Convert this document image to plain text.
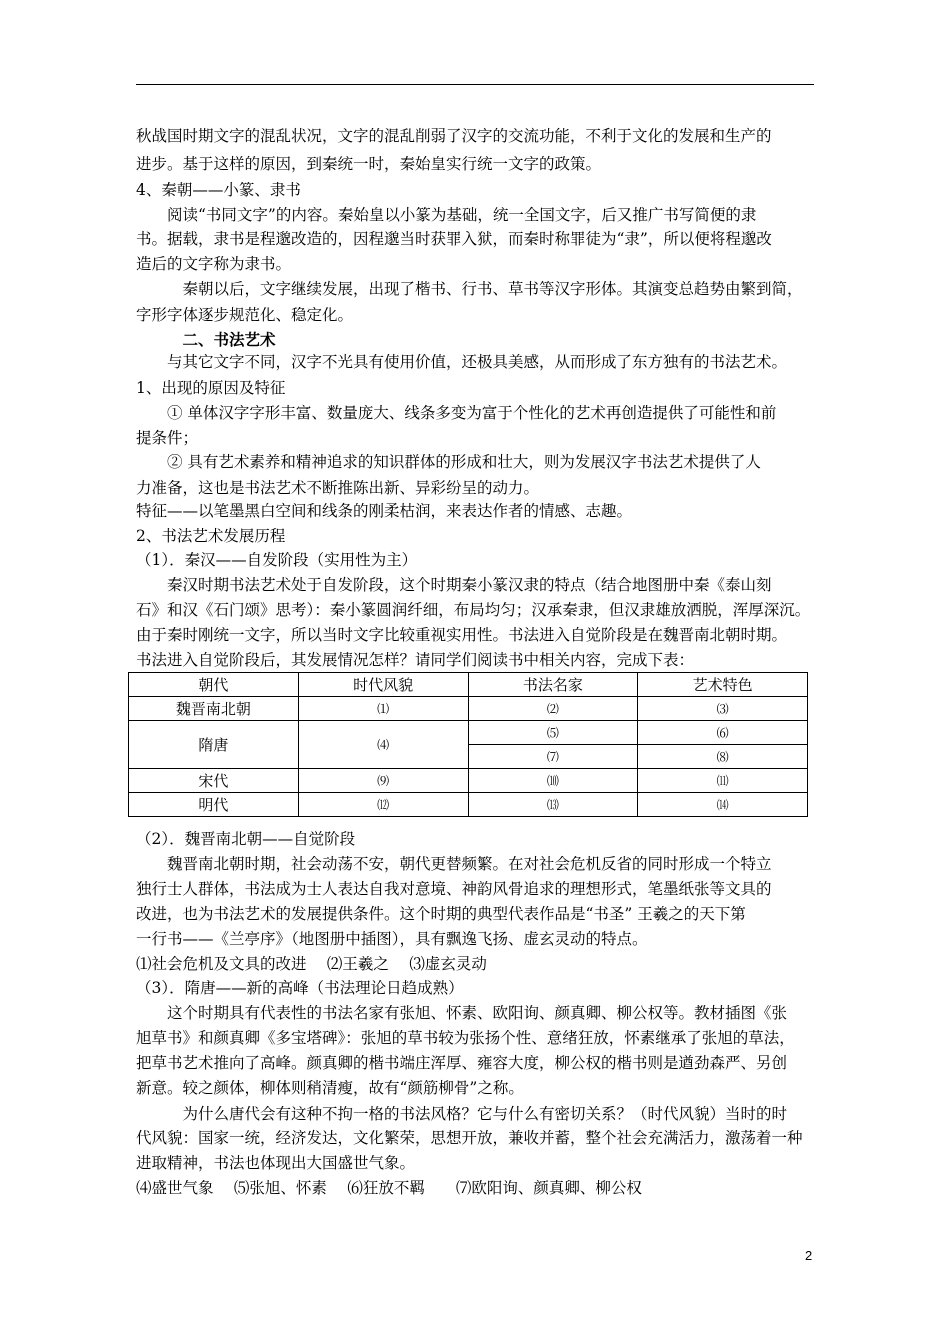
秋战国时期文字的混乱状况，文字的混乱削弱了汉字的交流功能，不利于文化的发展和生产的
进步。基于这样的原因，到秦统一时，秦始皇实行统一文字的政策。
4、秦朝——小篆、隶书
　　阅读“书同文字”的内容。秦始皇以小篆为基础，统一全国文字，后又推广书写简便的隶
书。据载，隶书是程邈改造的，因程邈当时获罪入狱，而秦时称罪徒为“隶”，所以便将程邈改
造后的文字称为隶书。
　　　秦朝以后，文字继续发展，出现了楷书、行书、草书等汉字形体。其演变总趋势由繁到简，
字形字体逐步规范化、稳定化。
　　　二、书法艺术
　　与其它文字不同，汉字不光具有使用价值，还极具美感，从而形成了东方独有的书法艺术。
1、出现的原因及特征
　　① 单体汉字字形丰富、数量庞大、线条多变为富于个性化的艺术再创造提供了可能性和前
提条件；
　　② 具有艺术素养和精神追求的知识群体的形成和壮大，则为发展汉字书法艺术提供了人
力准备，这也是书法艺术不断推陈出新、异彩纷呈的动力。
特征——以笔墨黑白空间和线条的刚柔枯润，来表达作者的情感、志趣。
2、书法艺术发展历程
（1）．秦汉——自发阶段（实用性为主）
　　秦汉时期书法艺术处于自发阶段，这个时期秦小篆汉隶的特点（结合地图册中秦《泰山刻
石》和汉《石门颂》思考）：秦小篆圆润纤细，布局均匀；汉承秦隶，但汉隶雄放洒脱，浑厚深沉。
由于秦时刚统一文字，所以当时文字比较重视实用性。书法进入自觉阶段是在魏晋南北朝时期。
书法进入自觉阶段后，其发展情况怎样？请同学们阅读书中相关内容，完成下表：
朝代	时代风貌	书法名家	艺术特色
魏晋南北朝	⑴	⑵	⑶
隋唐	⑷	⑸	⑹
		⑺	⑻
宋代	⑼	⑽	⑾
明代	⑿	⒀	⒁
（2）．魏晋南北朝——自觉阶段
　　魏晋南北朝时期，社会动荡不安，朝代更替频繁。在对社会危机反省的同时形成一个特立
独行士人群体，书法成为士人表达自我对意境、神韵风骨追求的理想形式，笔墨纸张等文具的
改进，也为书法艺术的发展提供条件。这个时期的典型代表作品是“书圣” 王羲之的天下第
一行书——《兰亭序》（地图册中插图），具有飘逸飞扬、虚玄灵动的特点。
⑴社会危机及文具的改进　 ⑵王羲之　 ⑶虚玄灵动
（3）．隋唐——新的高峰（书法理论日趋成熟）
　　这个时期具有代表性的书法名家有张旭、怀素、欧阳询、颜真卿、柳公权等。教材插图《张
旭草书》和颜真卿《多宝塔碑》：张旭的草书较为张扬个性、意绪狂放，怀素继承了张旭的草法，
把草书艺术推向了高峰。颜真卿的楷书端庄浑厚、雍容大度，柳公权的楷书则是遒劲森严、另创
新意。较之颜体，柳体则稍清瘦，故有“颜筋柳骨”之称。
　　　为什么唐代会有这种不拘一格的书法风格？它与什么有密切关系？（时代风貌）当时的时
代风貌：国家一统，经济发达，文化繁荣，思想开放，兼收并蓄，整个社会充满活力，激荡着一种
进取精神，书法也体现出大国盛世气象。
⑷盛世气象　 ⑸张旭、怀素　 ⑹狂放不羁　　⑺欧阳询、颜真卿、柳公权
2
